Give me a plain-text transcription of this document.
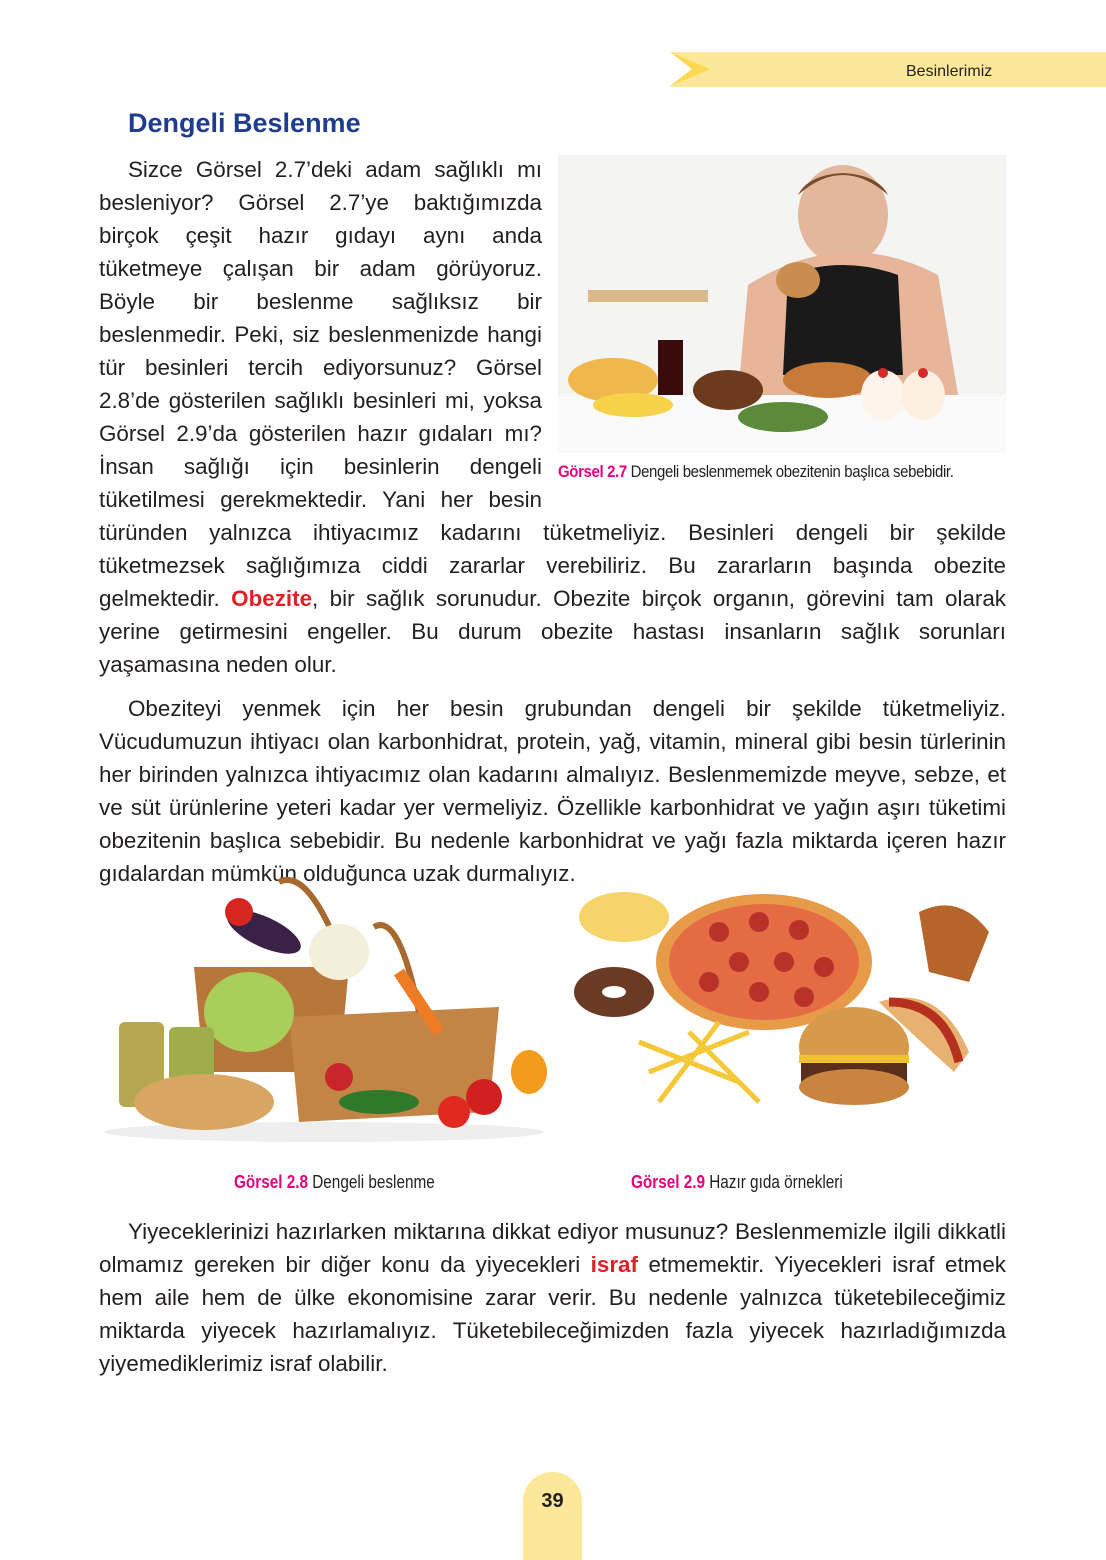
Besinlerimiz
Dengeli Beslenme
Görsel 2.7 Dengeli beslenmemek obezitenin başlıca sebebidir.

Sizce Görsel 2.7’deki adam sağlıklı mı besleniyor? Görsel 2.7’ye baktığımızda birçok çeşit hazır gıdayı aynı anda tüketmeye çalışan bir adam görüyoruz. Böyle bir beslenme sağlıksız bir beslenmedir. Peki, siz beslenmenizde hangi tür besinleri tercih ediyorsunuz? Görsel 2.8’de gösterilen sağlıklı besinleri mi, yoksa Görsel 2.9’da gösterilen hazır gıdaları mı? İnsan sağlığı için besinlerin dengeli tüketilmesi gerekmektedir. Yani her besin türünden yalnızca ihtiyacımız kadarını tüketmeliyiz. Besinleri dengeli bir şekilde tüketmezsek sağlığımıza ciddi zararlar verebiliriz. Bu zararların başında obezite gelmektedir. Obezite, bir sağlık sorunudur. Obezite birçok organın, görevini tam olarak yerine getirmesini engeller. Bu durum obezite hastası insanların sağlık sorunları yaşamasına neden olur.

Obeziteyi yenmek için her besin grubundan dengeli bir şekilde tüketmeliyiz. Vücudumuzun ihtiyacı olan karbonhidrat, protein, yağ, vitamin, mineral gibi besin türlerinin her birinden yalnızca ihtiyacımız olan kadarını almalıyız. Beslenmemizde meyve, sebze, et ve süt ürünlerine yeteri kadar yer vermeliyiz. Özellikle karbonhidrat ve yağın aşırı tüketimi obezitenin başlıca sebebidir. Bu nedenle karbonhidrat ve yağı fazla miktarda içeren hazır gıdalardan mümkün olduğunca uzak durmalıyız.

Görsel 2.8 Dengeli beslenme	Görsel 2.9 Hazır gıda örnekleri

Yiyeceklerinizi hazırlarken miktarına dikkat ediyor musunuz? Beslenmemizle ilgili dikkatli olmamız gereken bir diğer konu da yiyecekleri israf etmemektir. Yiyecekleri israf etmek hem aile hem de ülke ekonomisine zarar verir. Bu nedenle yalnızca tüketebileceğimiz miktarda yiyecek hazırlamalıyız. Tüketebileceğimizden fazla yiyecek hazırladığımızda yiyemediklerimiz israf olabilir.

39
